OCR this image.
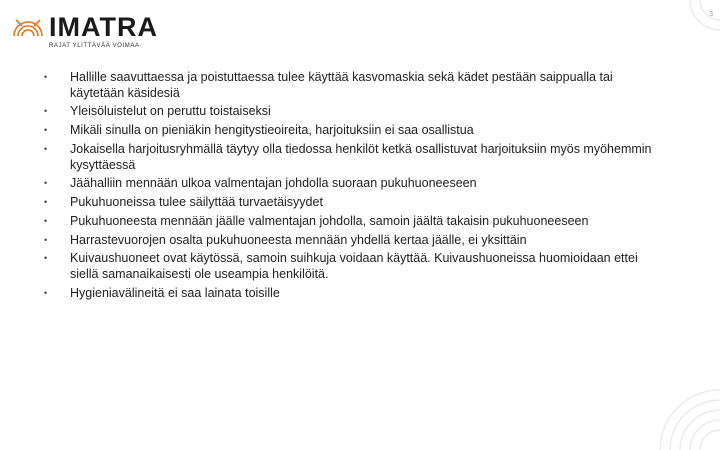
IMATRA
RAJAT YLITTÄVÄÄ VOIMAA
3
•	Hallille saavuttaessa ja poistuttaessa tulee käyttää kasvomaskia sekä kädet pestään saippualla tai käytetään käsidesiä
•	Yleisöluistelut on peruttu toistaiseksi
•	Mikäli sinulla on pieniäkin hengitystieoireita, harjoituksiin ei saa osallistua
•	Jokaisella harjoitusryhmällä täytyy olla tiedossa henkilöt ketkä osallistuvat harjoituksiin myös myöhemmin kysyttäessä
•	Jäähalliin mennään ulkoa valmentajan johdolla suoraan pukuhuoneeseen
•	Pukuhuoneissa tulee säilyttää turvaetäisyydet
•	Pukuhuoneesta mennään jäälle valmentajan johdolla, samoin jäältä takaisin pukuhuoneeseen
•	Harrastevuorojen osalta pukuhuoneesta mennään yhdellä kertaa jäälle, ei yksittäin
•	Kuivaushuoneet ovat käytössä, samoin suihkuja voidaan käyttää. Kuivaushuoneissa huomioidaan ettei siellä samanaikaisesti ole useampia henkilöitä.
•	Hygieniavälineitä ei saa lainata toisille
